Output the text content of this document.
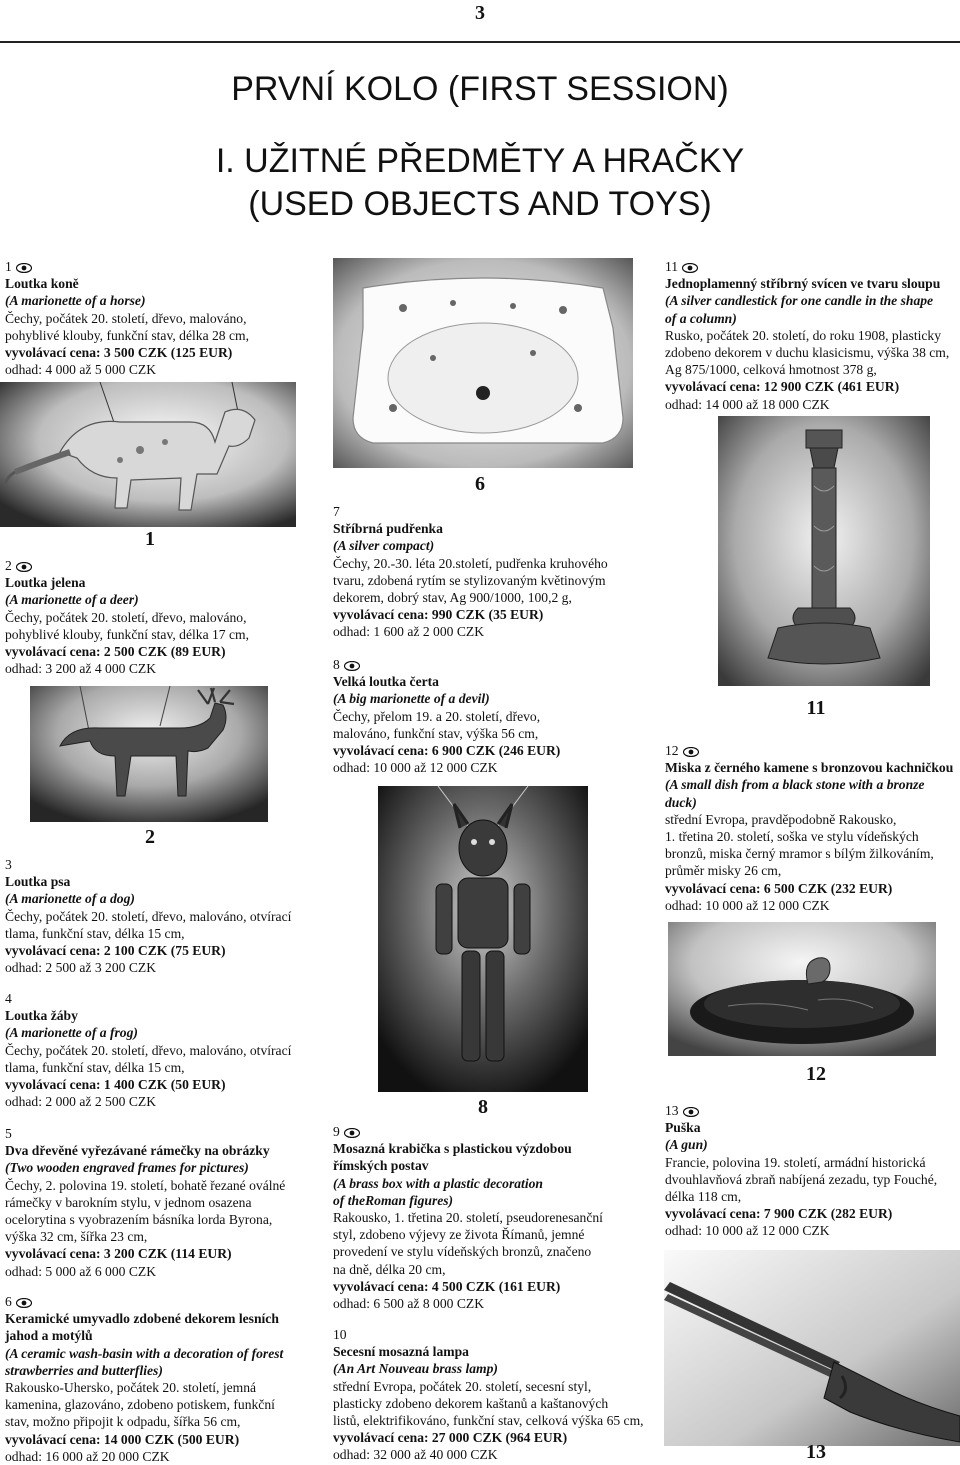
3
PRVNÍ KOLO (FIRST SESSION)
I. UŽITNÉ PŘEDMĚTY A HRAČKY
(USED OBJECTS AND TOYS)
1
Loutka koně
(A marionette of a horse)
Čechy, počátek 20. století, dřevo, malováno,
pohyblivé klouby, funkční stav, délka 28 cm,
vyvolávací cena: 3 500 CZK (125 EUR)
odhad: 4 000 až 5 000 CZK
1
2
Loutka jelena
(A marionette of a deer)
Čechy, počátek 20. století, dřevo, malováno,
pohyblivé klouby, funkční stav, délka 17 cm,
vyvolávací cena: 2 500 CZK (89 EUR)
odhad: 3 200 až 4 000 CZK
2
3
Loutka psa
(A marionette of a dog)
Čechy, počátek 20. století, dřevo, malováno, otvírací
tlama, funkční stav, délka 15 cm,
vyvolávací cena: 2 100 CZK (75 EUR)
odhad: 2 500 až 3 200 CZK
4
Loutka žáby
(A marionette of a frog)
Čechy, počátek 20. století, dřevo, malováno, otvírací
tlama, funkční stav, délka 15 cm,
vyvolávací cena: 1 400 CZK (50 EUR)
odhad: 2 000 až 2 500 CZK
5
Dva dřevěné vyřezávané rámečky na obrázky
(Two wooden engraved frames for pictures)
Čechy, 2. polovina 19. století, bohatě řezané oválné
rámečky v barokním stylu, v jednom osazena
ocelorytina s vyobrazením básníka lorda Byrona,
výška 32 cm, šířka 23 cm,
vyvolávací cena: 3 200 CZK (114 EUR)
odhad: 5 000 až 6 000 CZK
6
Keramické umyvadlo zdobené dekorem lesních
jahod a motýlů
(A ceramic wash-basin with a decoration of forest
strawberries and butterflies)
Rakousko-Uhersko, počátek 20. století, jemná
kamenina, glazováno, zdobeno potiskem, funkční
stav, možno připojit k odpadu, šířka 56 cm,
vyvolávací cena: 14 000 CZK (500 EUR)
odhad: 16 000 až 20 000 CZK
6
7
Stříbrná pudřenka
(A silver compact)
Čechy, 20.-30. léta 20.století, pudřenka kruhového
tvaru, zdobená rytím se stylizovaným květinovým
dekorem, dobrý stav, Ag 900/1000, 100,2 g,
vyvolávací cena: 990 CZK (35 EUR)
odhad: 1 600 až 2 000 CZK
8
Velká loutka čerta
(A big marionette of a devil)
Čechy, přelom 19. a 20. století, dřevo,
malováno, funkční stav, výška 56 cm,
vyvolávací cena: 6 900 CZK (246 EUR)
odhad: 10 000 až 12 000 CZK
8
9
Mosazná krabička s plastickou výzdobou
římských postav
(A brass box with a plastic decoration
of theRoman figures)
Rakousko, 1. třetina 20. století, pseudorenesanční
styl, zdobeno výjevy ze života Římanů, jemné
provedení ve stylu vídeňských bronzů, značeno
na dně, délka 20 cm,
vyvolávací cena: 4 500 CZK (161 EUR)
odhad: 6 500 až 8 000 CZK
10
Secesní mosazná lampa
(An Art Nouveau brass lamp)
střední Evropa, počátek 20. století, secesní styl,
plasticky zdobeno dekorem kaštanů a kaštanových
listů, elektrifikováno, funkční stav, celková výška 65 cm,
vyvolávací cena: 27 000 CZK (964 EUR)
odhad: 32 000 až 40 000 CZK
11
Jednoplamenný stříbrný svícen ve tvaru sloupu
(A silver candlestick for one candle in the shape
of a column)
Rusko, počátek 20. století, do roku 1908, plasticky
zdobeno dekorem v duchu klasicismu, výška 38 cm,
Ag 875/1000, celková hmotnost 378 g,
vyvolávací cena: 12 900 CZK (461 EUR)
odhad: 14 000 až 18 000 CZK
11
12
Miska z černého kamene s bronzovou kachničkou
(A small dish from a black stone with a bronze
duck)
střední Evropa, pravděpodobně Rakousko,
1. třetina 20. století, soška ve stylu vídeňských
bronzů, miska černý mramor s bílým žilkováním,
průměr misky 26 cm,
vyvolávací cena: 6 500 CZK (232 EUR)
odhad: 10 000 až 12 000 CZK
12
13
Puška
(A gun)
Francie, polovina 19. století, armádní historická
dvouhlavňová zbraň nabíjená zezadu, typ Fouché,
délka 118 cm,
vyvolávací cena: 7 900 CZK (282 EUR)
odhad: 10 000 až 12 000 CZK
13
